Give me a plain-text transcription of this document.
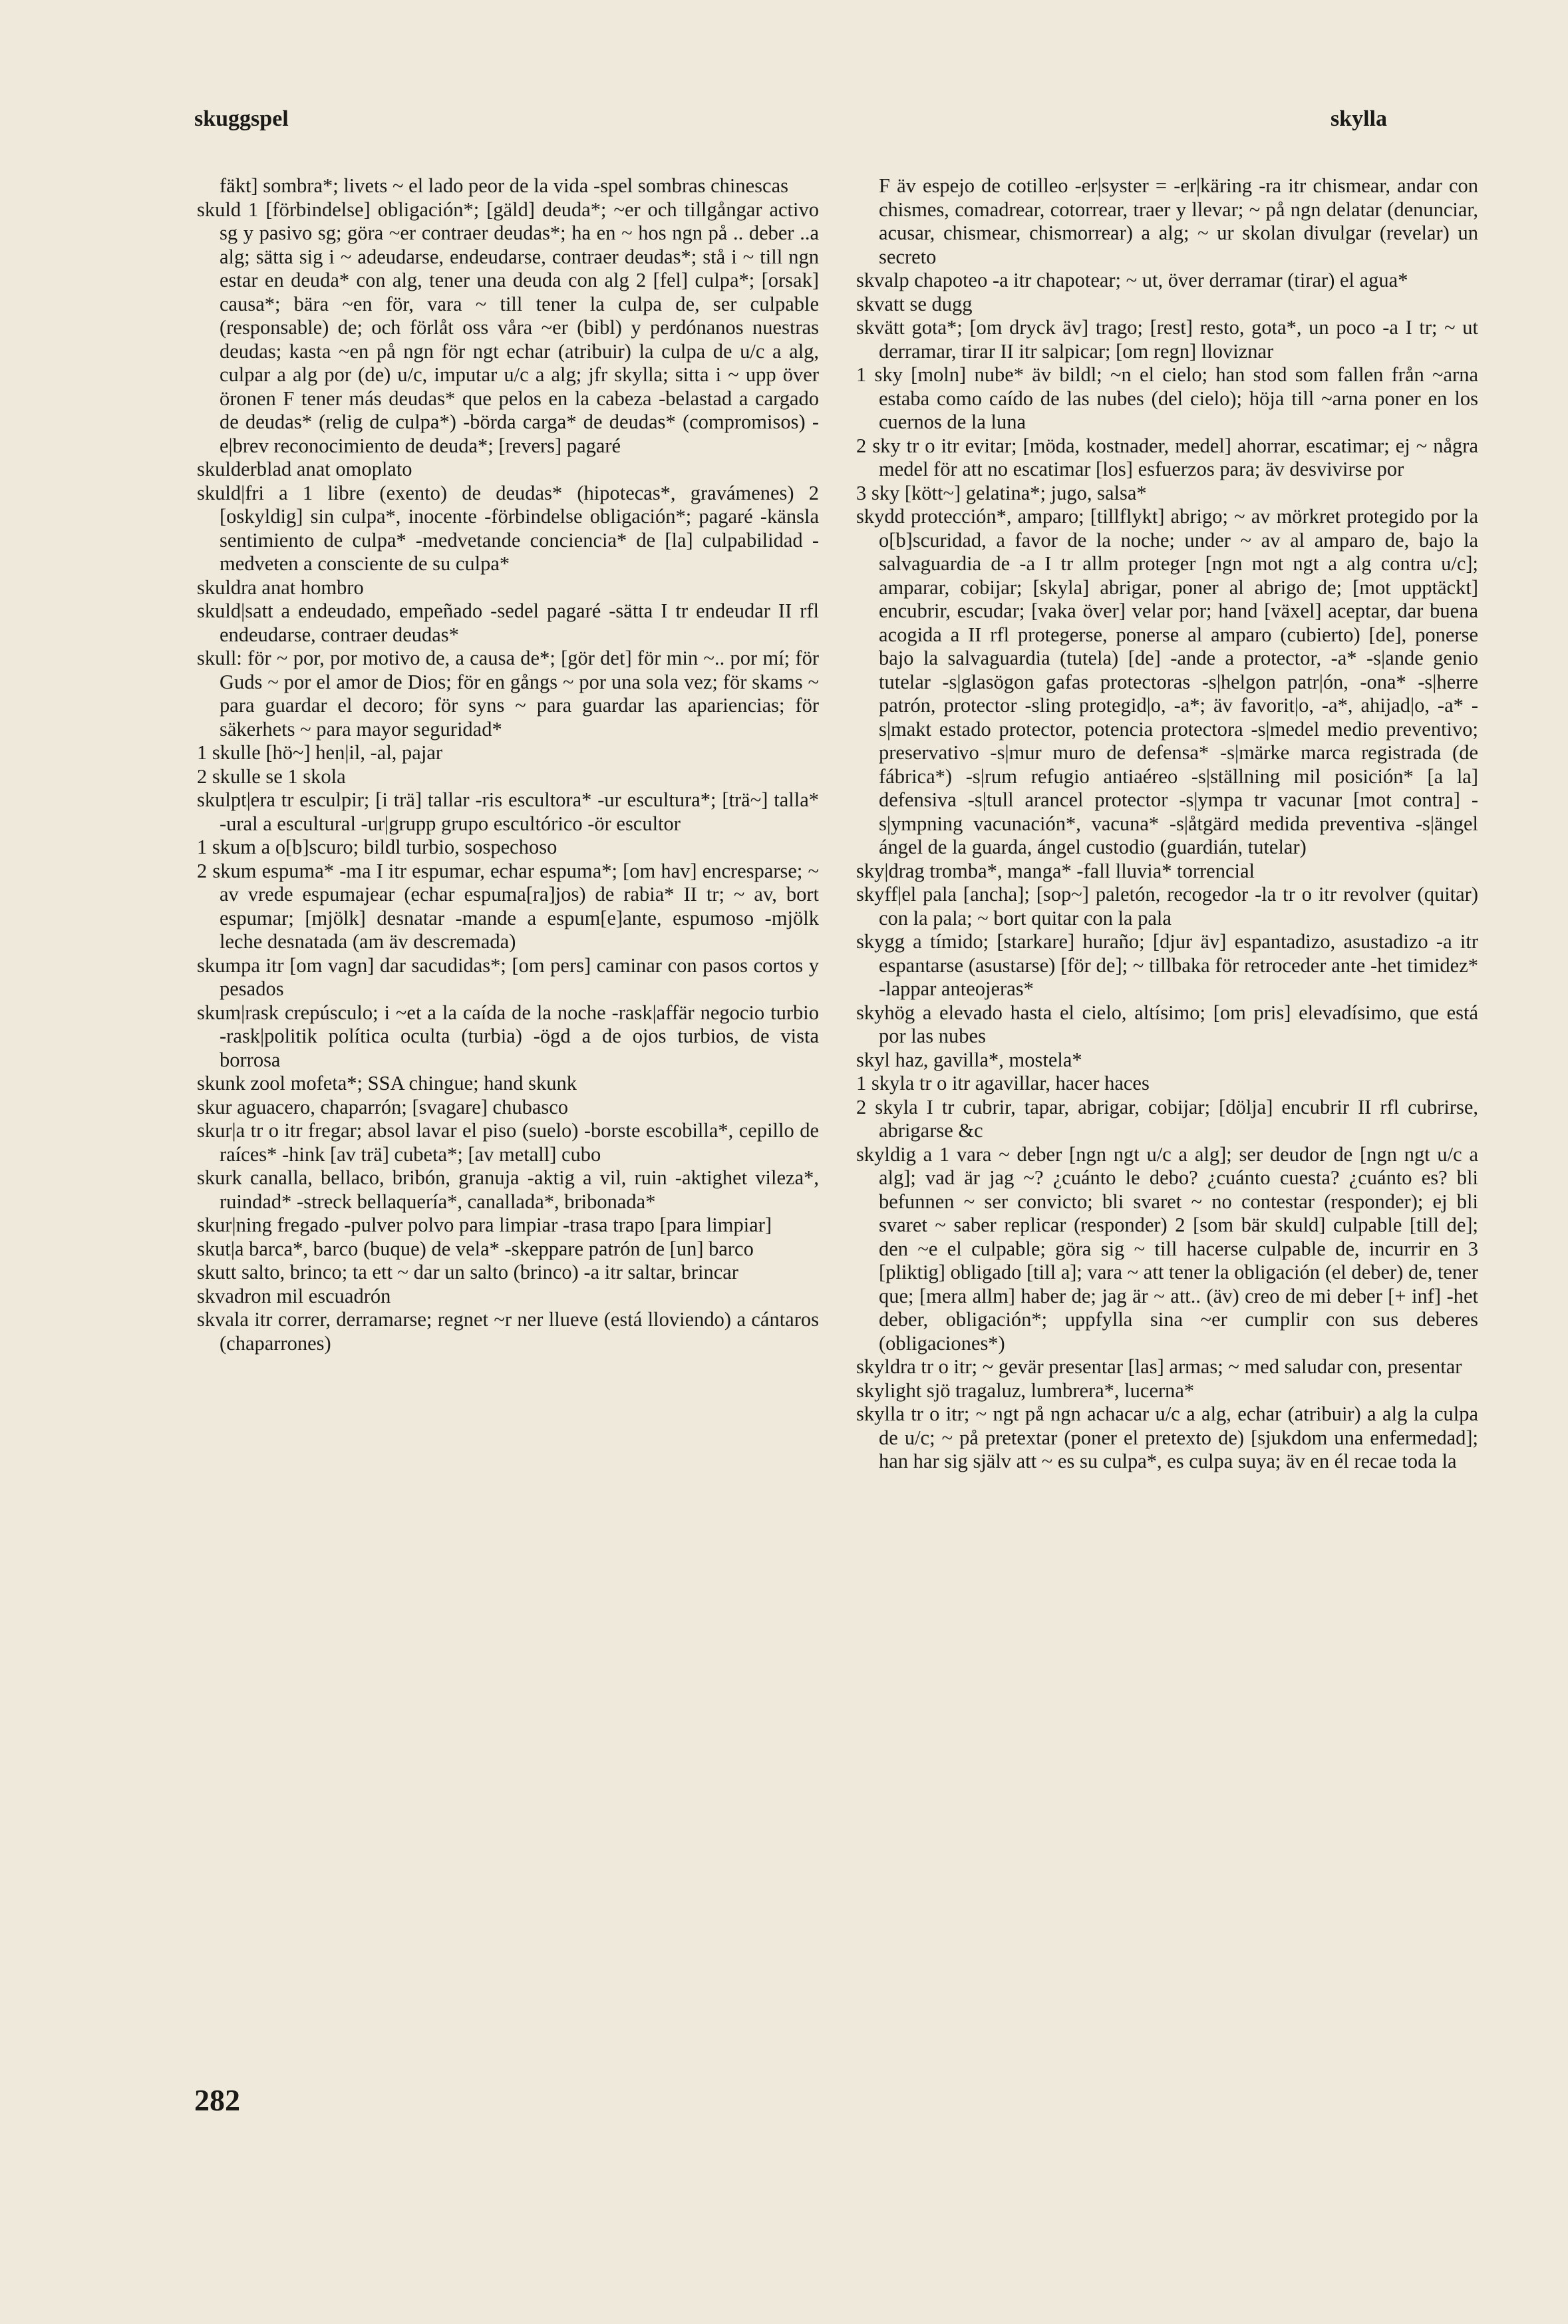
skuggspel	skylla

fäkt] sombra*; livets ~ el lado peor de la vida -spel sombras chinescas

skuld 1 [förbindelse] obligación*; [gäld] deuda*; ~er och tillgångar activo sg y pasivo sg; göra ~er contraer deudas*; ha en ~ hos ngn på .. deber ..a alg; sätta sig i ~ adeudarse, endeudarse, contraer deudas*; stå i ~ till ngn estar en deuda* con alg, tener una deuda con alg 2 [fel] culpa*; [orsak] causa*; bära ~en för, vara ~ till tener la culpa de, ser culpable (responsable) de; och förlåt oss våra ~er (bibl) y perdónanos nuestras deudas; kasta ~en på ngn för ngt echar (atribuir) la culpa de u/c a alg, culpar a alg por (de) u/c, imputar u/c a alg; jfr skylla; sitta i ~ upp över öronen F tener más deudas* que pelos en la cabeza -belastad a cargado de deudas* (relig de culpa*) -börda carga* de deudas* (compromisos) -e|brev reconocimiento de deuda*; [revers] pagaré

skulderblad anat omoplato

skuld|fri a 1 libre (exento) de deudas* (hipotecas*, gravámenes) 2 [oskyldig] sin culpa*, inocente -förbindelse obligación*; pagaré -känsla sentimiento de culpa* -medvetande conciencia* de [la] culpabilidad -medveten a consciente de su culpa*

skuldra anat hombro

skuld|satt a endeudado, empeñado -sedel pagaré -sätta I tr endeudar II rfl endeudarse, contraer deudas*

skull: för ~ por, por motivo de, a causa de*; [gör det] för min ~.. por mí; för Guds ~ por el amor de Dios; för en gångs ~ por una sola vez; för skams ~ para guardar el decoro; för syns ~ para guardar las apariencias; för säkerhets ~ para mayor seguridad*

1 skulle [hö~] hen|il, -al, pajar

2 skulle se 1 skola

skulpt|era tr esculpir; [i trä] tallar -ris escultora* -ur escultura*; [trä~] talla* -ural a escultural -ur|grupp grupo escultórico -ör escultor

1 skum a o[b]scuro; bildl turbio, sospechoso

2 skum espuma* -ma I itr espumar, echar espuma*; [om hav] encresparse; ~ av vrede espumajear (echar espuma[ra]jos) de rabia* II tr; ~ av, bort espumar; [mjölk] desnatar -mande a espum[e]ante, espumoso -mjölk leche desnatada (am äv descremada)

skumpa itr [om vagn] dar sacudidas*; [om pers] caminar con pasos cortos y pesados

skum|rask crepúsculo; i ~et a la caída de la noche -rask|affär negocio turbio -rask|politik política oculta (turbia) -ögd a de ojos turbios, de vista borrosa

skunk zool mofeta*; SSA chingue; hand skunk

skur aguacero, chaparrón; [svagare] chubasco

skur|a tr o itr fregar; absol lavar el piso (suelo) -borste escobilla*, cepillo de raíces* -hink [av trä] cubeta*; [av metall] cubo

skurk canalla, bellaco, bribón, granuja -aktig a vil, ruin -aktighet vileza*, ruindad* -streck bellaquería*, canallada*, bribonada*

skur|ning fregado -pulver polvo para limpiar -trasa trapo [para limpiar]

skut|a barca*, barco (buque) de vela* -skeppare patrón de [un] barco

skutt salto, brinco; ta ett ~ dar un salto (brinco) -a itr saltar, brincar

skvadron mil escuadrón

skvala itr correr, derramarse; regnet ~r ner llueve (está lloviendo) a cántaros (chaparrones)

F äv espejo de cotilleo -er|syster = -er|käring -ra itr chismear, andar con chismes, comadrear, cotorrear, traer y llevar; ~ på ngn delatar (denunciar, acusar, chismear, chismorrear) a alg; ~ ur skolan divulgar (revelar) un secreto

skvalp chapoteo -a itr chapotear; ~ ut, över derramar (tirar) el agua*

skvatt se dugg

skvätt gota*; [om dryck äv] trago; [rest] resto, gota*, un poco -a I tr; ~ ut derramar, tirar II itr salpicar; [om regn] lloviznar

1 sky [moln] nube* äv bildl; ~n el cielo; han stod som fallen från ~arna estaba como caído de las nubes (del cielo); höja till ~arna poner en los cuernos de la luna

2 sky tr o itr evitar; [möda, kostnader, medel] ahorrar, escatimar; ej ~ några medel för att no escatimar [los] esfuerzos para; äv desvivirse por

3 sky [kött~] gelatina*; jugo, salsa*

skydd protección*, amparo; [tillflykt] abrigo; ~ av mörkret protegido por la o[b]scuridad, a favor de la noche; under ~ av al amparo de, bajo la salvaguardia de -a I tr allm proteger [ngn mot ngt a alg contra u/c]; amparar, cobijar; [skyla] abrigar, poner al abrigo de; [mot upptäckt] encubrir, escudar; [vaka över] velar por; hand [växel] aceptar, dar buena acogida a II rfl protegerse, ponerse al amparo (cubierto) [de], ponerse bajo la salvaguardia (tutela) [de] -ande a protector, -a* -s|ande genio tutelar -s|glasögon gafas protectoras -s|helgon patr|ón, -ona* -s|herre patrón, protector -sling protegid|o, -a*; äv favorit|o, -a*, ahijad|o, -a* -s|makt estado protector, potencia protectora -s|medel medio preventivo; preservativo -s|mur muro de defensa* -s|märke marca registrada (de fábrica*) -s|rum refugio antiaéreo -s|ställning mil posición* [a la] defensiva -s|tull arancel protector -s|ympa tr vacunar [mot contra] -s|ympning vacunación*, vacuna* -s|åtgärd medida preventiva -s|ängel ángel de la guarda, ángel custodio (guardián, tutelar)

sky|drag tromba*, manga* -fall lluvia* torrencial

skyff|el pala [ancha]; [sop~] paletón, recogedor -la tr o itr revolver (quitar) con la pala; ~ bort quitar con la pala

skygg a tímido; [starkare] huraño; [djur äv] espantadizo, asustadizo -a itr espantarse (asustarse) [för de]; ~ tillbaka för retroceder ante -het timidez* -lappar anteojeras*

skyhög a elevado hasta el cielo, altísimo; [om pris] elevadísimo, que está por las nubes

skyl haz, gavilla*, mostela*

1 skyla tr o itr agavillar, hacer haces

2 skyla I tr cubrir, tapar, abrigar, cobijar; [dölja] encubrir II rfl cubrirse, abrigarse &c

skyldig a 1 vara ~ deber [ngn ngt u/c a alg]; ser deudor de [ngn ngt u/c a alg]; vad är jag ~? ¿cuánto le debo? ¿cuánto cuesta? ¿cuánto es? bli befunnen ~ ser convicto; bli svaret ~ no contestar (responder); ej bli svaret ~ saber replicar (responder) 2 [som bär skuld] culpable [till de]; den ~e el culpable; göra sig ~ till hacerse culpable de, incurrir en 3 [pliktig] obligado [till a]; vara ~ att tener la obligación (el deber) de, tener que; [mera allm] haber de; jag är ~ att.. (äv) creo de mi deber [+ inf] -het deber, obligación*; uppfylla sina ~er cumplir con sus deberes (obligaciones*)

skyldra tr o itr; ~ gevär presentar [las] armas; ~ med saludar con, presentar

skylight sjö tragaluz, lumbrera*, lucerna*

skylla tr o itr; ~ ngt på ngn achacar u/c a alg, echar (atribuir) a alg la culpa de u/c; ~ på pretextar (poner el pretexto de) [sjukdom una enfermedad]; han har sig själv att ~ es su culpa*, es culpa suya; äv en él recae toda la

282
